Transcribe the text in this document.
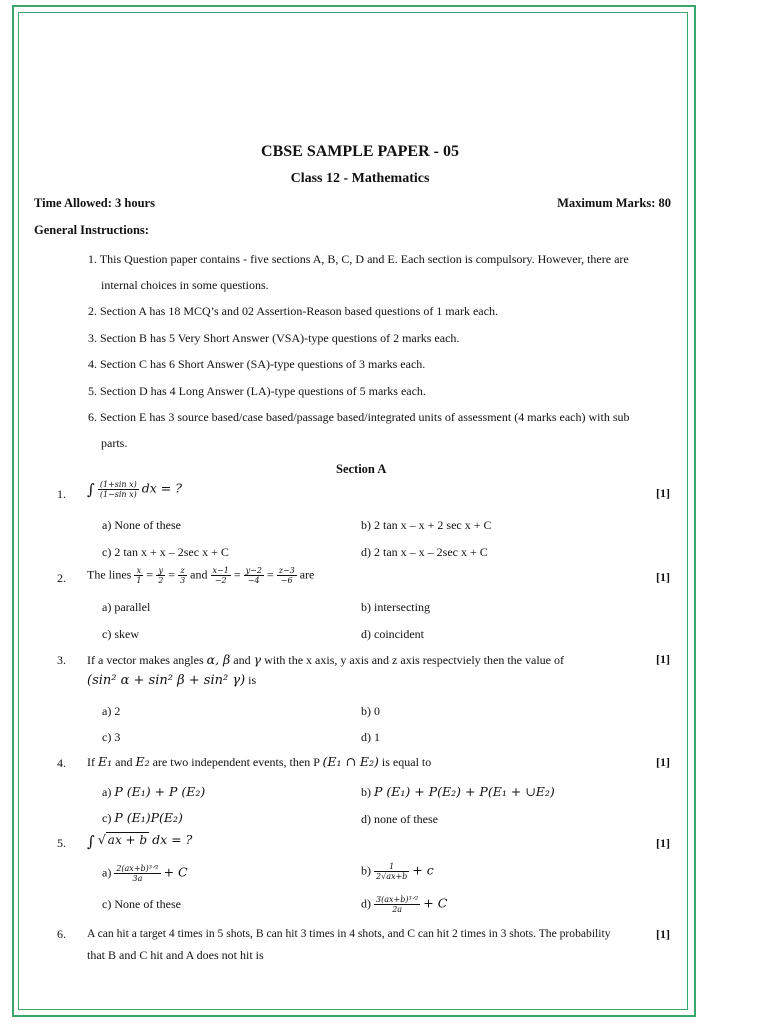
CBSE SAMPLE PAPER - 05
Class 12 - Mathematics
Time Allowed: 3 hours	Maximum Marks: 80
General Instructions:
1. This Question paper contains - five sections A, B, C, D and E. Each section is compulsory. However, there are
internal choices in some questions.
2. Section A has 18 MCQ’s and 02 Assertion-Reason based questions of 1 mark each.
3. Section B has 5 Very Short Answer (VSA)-type questions of 2 marks each.
4. Section C has 6 Short Answer (SA)-type questions of 3 marks each.
5. Section D has 4 Long Answer (LA)-type questions of 5 marks each.
6. Section E has 3 source based/case based/passage based/integrated units of assessment (4 marks each) with sub
parts.
Section A
1. ∫ $\frac{\text{(1+sin x)}}{\text{(1−sin x)}}$ dx = ?	[1]
a) None of these	b) 2 tan x – x + 2 sec x + C
c) 2 tan x + x – 2sec x + C	d) 2 tan x – x – 2sec x + C
2. The lines $\frac{x}{1} = \frac{y}{2} = \frac{z}{3}$ and $\frac{x-1}{-2} = \frac{y-2}{-4} = \frac{z-3}{-6}$ are	[1]
a) parallel	b) intersecting
c) skew	d) coincident
3. If a vector makes angles α, β and γ with the x axis, y axis and z axis respectviely then the value of
(sin² α + sin² β + sin² γ) is
[1]
a) 2	b) 0
c) 3	d) 1
4. If E₁ and E₂ are two independent events, then P (E₁ ∩ E₂) is equal to	[1]
a) P (E₁) + P (E₂)	b) P (E₁) + P(E₂) + P(E₁ + ∪E₂)
c) P (E₁)P(E₂)	d) none of these
5. ∫ √ ax + b dx = ?	[1]
$a) \frac{\text{2(ax+b)³ᐟ²}}{3a} + C$	$b) \frac{1}{2√ax+b} + c$
c) None of these	$d) \frac{\text{3(ax+b)³ᐟ²}}{2a} + C$
6. A can hit a target 4 times in 5 shots, B can hit 3 times in 4 shots, and C can hit 2 times in 3 shots. The probability
that B and C hit and A does not hit is
[1]
